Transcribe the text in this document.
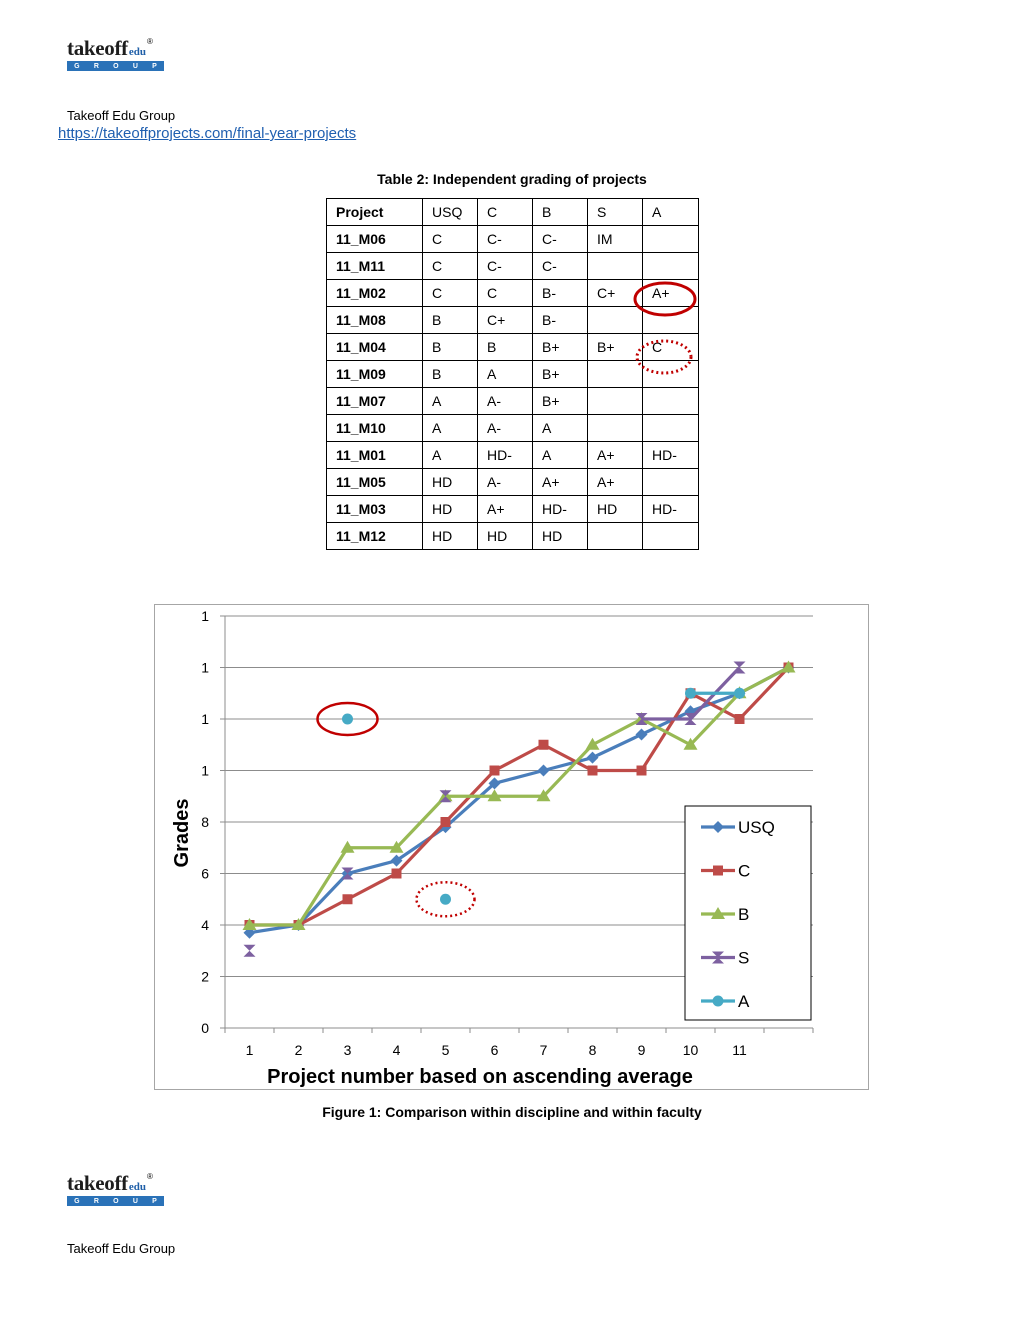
takeoff edu
®
G R O U P
Takeoff Edu Group
https://takeoffprojects.com/final-year-projects
Table 2: Independent grading of projects
Project	USQ	C	B	S	A
11_M06	C	C-	C-	IM	
11_M11	C	C-	C-		
11_M02	C	C	B-	C+	A+
11_M08	B	C+	B-		
11_M04	B	B	B+	B+	C
11_M09	B	A	B+		
11_M07	A	A-	B+		
11_M10	A	A-	A		
11_M01	A	HD-	A	A+	HD-
11_M05	HD	A-	A+	A+	
11_M03	HD	A+	HD-	HD	HD-
11_M12	HD	HD	HD		
0
2
4
6
8
1
1
1
1
1	2	3	4	5	6	7	8	9	10 11
Project number based on ascending average
Grades	USQ
C
B
S
A
Figure 1: Comparison within discipline and within faculty
takeoff edu
®
G R O U P
Takeoff Edu Group
